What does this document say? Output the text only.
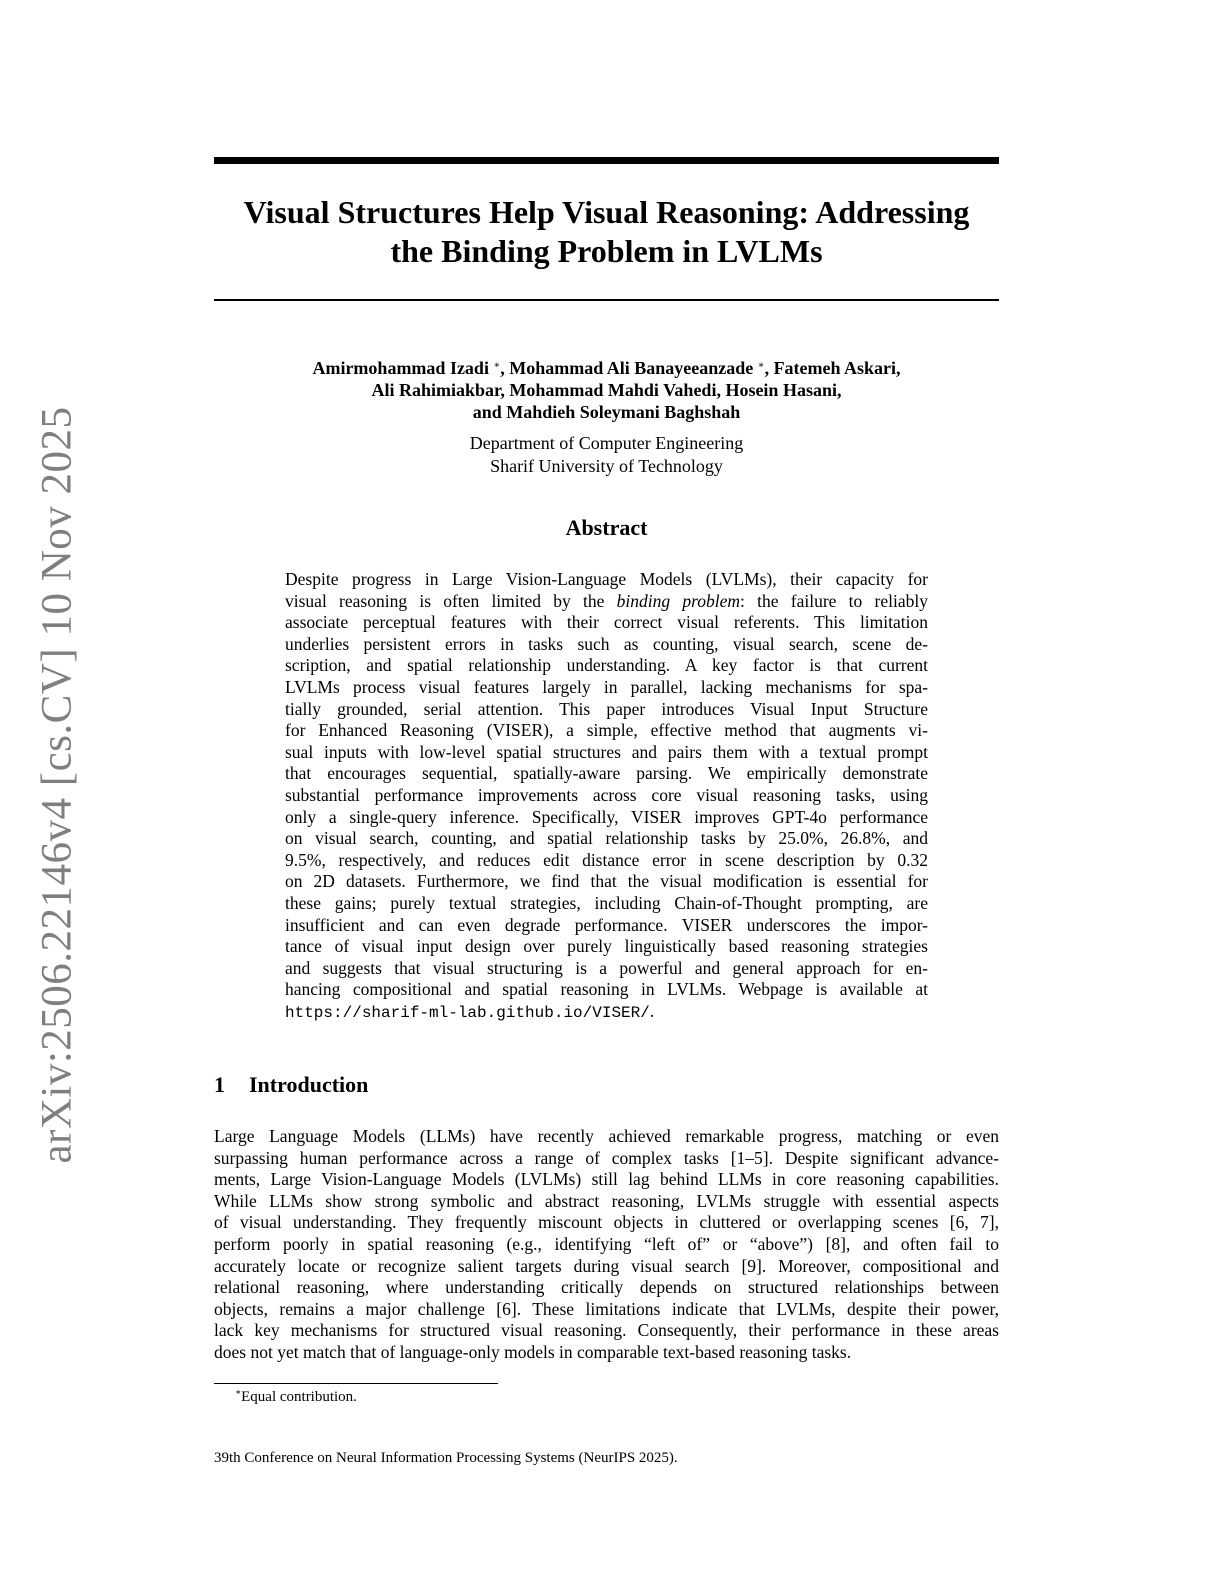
arXiv:2506.22146v4 [cs.CV] 10 Nov 2025
Visual Structures Help Visual Reasoning: Addressing
the Binding Problem in LVLMs
Amirmohammad Izadi ∗, Mohammad Ali Banayeeanzade ∗, Fatemeh Askari,
Ali Rahimiakbar, Mohammad Mahdi Vahedi, Hosein Hasani,
and Mahdieh Soleymani Baghshah
Department of Computer Engineering
Sharif University of Technology
Abstract
Despite progress in Large Vision-Language Models (LVLMs), their capacity for
visual reasoning is often limited by the binding problem: the failure to reliably
associate perceptual features with their correct visual referents. This limitation
underlies persistent errors in tasks such as counting, visual search, scene de-
scription, and spatial relationship understanding. A key factor is that current
LVLMs process visual features largely in parallel, lacking mechanisms for spa-
tially grounded, serial attention. This paper introduces Visual Input Structure
for Enhanced Reasoning (VISER), a simple, effective method that augments vi-
sual inputs with low-level spatial structures and pairs them with a textual prompt
that encourages sequential, spatially-aware parsing. We empirically demonstrate
substantial performance improvements across core visual reasoning tasks, using
only a single-query inference. Specifically, VISER improves GPT-4o performance
on visual search, counting, and spatial relationship tasks by 25.0%, 26.8%, and
9.5%, respectively, and reduces edit distance error in scene description by 0.32
on 2D datasets. Furthermore, we find that the visual modification is essential for
these gains; purely textual strategies, including Chain-of-Thought prompting, are
insufficient and can even degrade performance. VISER underscores the impor-
tance of visual input design over purely linguistically based reasoning strategies
and suggests that visual structuring is a powerful and general approach for en-
hancing compositional and spatial reasoning in LVLMs. Webpage is available at
https://sharif-ml-lab.github.io/VISER/.
1 Introduction
Large Language Models (LLMs) have recently achieved remarkable progress, matching or even
surpassing human performance across a range of complex tasks [1–5]. Despite significant advance-
ments, Large Vision-Language Models (LVLMs) still lag behind LLMs in core reasoning capabilities.
While LLMs show strong symbolic and abstract reasoning, LVLMs struggle with essential aspects
of visual understanding. They frequently miscount objects in cluttered or overlapping scenes [6, 7],
perform poorly in spatial reasoning (e.g., identifying “left of” or “above”) [8], and often fail to
accurately locate or recognize salient targets during visual search [9]. Moreover, compositional and
relational reasoning, where understanding critically depends on structured relationships between
objects, remains a major challenge [6]. These limitations indicate that LVLMs, despite their power,
lack key mechanisms for structured visual reasoning. Consequently, their performance in these areas
does not yet match that of language-only models in comparable text-based reasoning tasks.
∗Equal contribution.
39th Conference on Neural Information Processing Systems (NeurIPS 2025).
